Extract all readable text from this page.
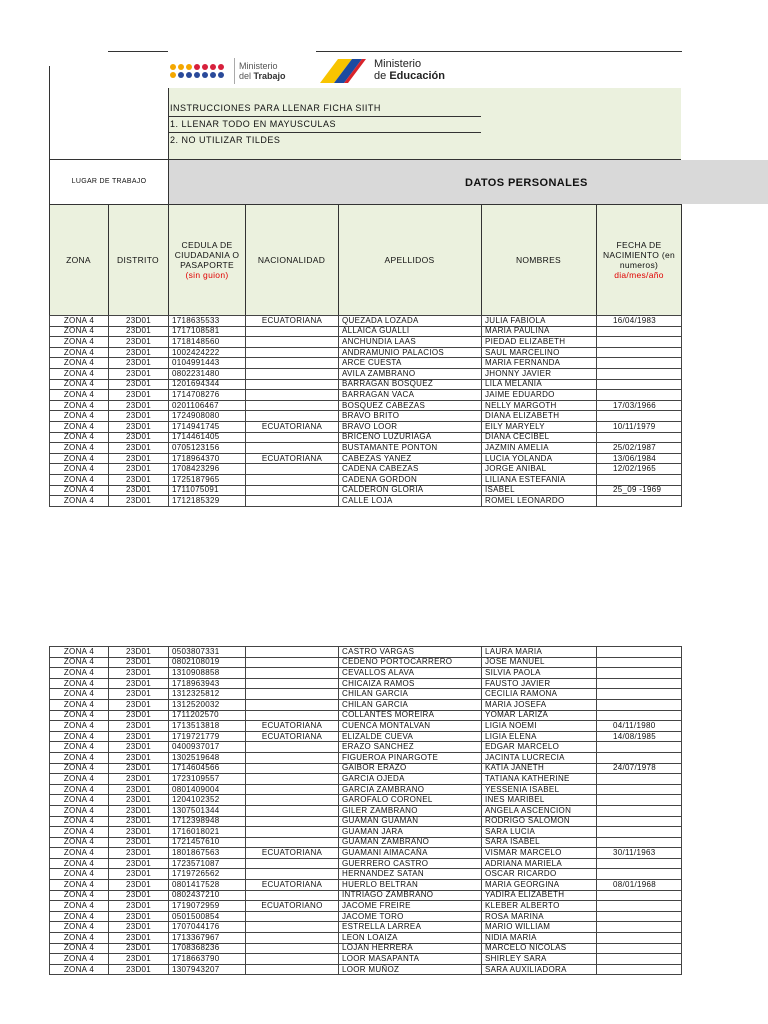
Ministerio
del Trabajo
Ministerio
de Educación
INSTRUCCIONES PARA LLENAR FICHA SIITH
1. LLENAR TODO EN MAYUSCULAS
2. NO UTILIZAR TILDES
LUGAR DE TRABAJO	DATOS PERSONALES
ZONA	DISTRITO
CEDULA DE CIUDADANIA O PASAPORTE
(sin guion)
NACIONALIDAD	APELLIDOS	NOMBRES
FECHA DE NACIMIENTO (en numeros)
dia/mes/año
ZONA 4	23D01	1718635533	ECUATORIANA	QUEZADA LOZADA	JULIA FABIOLA	16/04/1983
ZONA 4	23D01	1717108581		ALLAICA GUALLI	MARIA PAULINA	
ZONA 4	23D01	1718148560		ANCHUNDIA LAAS	PIEDAD ELIZABETH	
ZONA 4	23D01	1002424222		ANDRAMUNIO PALACIOS	SAUL MARCELINO	
ZONA 4	23D01	0104991443		ARCE CUESTA	MARIA FERNANDA	
ZONA 4	23D01	0802231480		AVILA ZAMBRANO	JHONNY JAVIER	
ZONA 4	23D01	1201694344		BARRAGAN BOSQUEZ	LILA MELANIA	
ZONA 4	23D01	1714708276		BARRAGAN VACA	JAIME EDUARDO	
ZONA 4	23D01	0201106467		BOSQUEZ CABEZAS	NELLY MARGOTH	17/03/1966
ZONA 4	23D01	1724908080		BRAVO BRITO	DIANA ELIZABETH	
ZONA 4	23D01	1714941745	ECUATORIANA	BRAVO LOOR	EILY MARYELY	10/11/1979
ZONA 4	23D01	1714461405		BRICEÑO LUZURIAGA	DIANA CECIBEL	
ZONA 4	23D01	0705123156		BUSTAMANTE PONTON	JAZMIN AMELIA	25/02/1987
ZONA 4	23D01	1718964370	ECUATORIANA	CABEZAS YANEZ	LUCIA YOLANDA	13/06/1984
ZONA 4	23D01	1708423296		CADENA CABEZAS	JORGE ANIBAL	12/02/1965
ZONA 4	23D01	1725187965		CADENA GORDON	LILIANA ESTEFANIA	
ZONA 4	23D01	1711075091		CALDERON GLORIA	ISABEL	25_09 -1969
ZONA 4	23D01	1712185329		CALLE LOJA	ROMEL LEONARDO	
ZONA 4	23D01	0503807331		CASTRO VARGAS	LAURA MARIA	
ZONA 4	23D01	0802108019		CEDEÑO PORTOCARRERO	JOSE MANUEL	
ZONA 4	23D01	1310908858		CEVALLOS ALAVA	SILVIA PAOLA	
ZONA 4	23D01	1718963943		CHICAIZA RAMOS	FAUSTO JAVIER	
ZONA 4	23D01	1312325812		CHILAN GARCIA	CECILIA RAMONA	
ZONA 4	23D01	1312520032		CHILAN GARCIA	MARIA JOSEFA	
ZONA 4	23D01	1711202570		COLLANTES MOREIRA	YOMAR LARIZA	
ZONA 4	23D01	1713513818	ECUATORIANA	CUENCA MONTALVAN	LIGIA NOEMI	04/11/1980
ZONA 4	23D01	1719721779	ECUATORIANA	ELIZALDE CUEVA	LIGIA ELENA	14/08/1985
ZONA 4	23D01	0400937017		ERAZO SANCHEZ	EDGAR MARCELO	
ZONA 4	23D01	1302519648		FIGUEROA PINARGOTE	JACINTA LUCRECIA	
ZONA 4	23D01	1714604566		GAIBOR ERAZO	KATIA JANETH	24/07/1978
ZONA 4	23D01	1723109557		GARCIA OJEDA	TATIANA KATHERINE	
ZONA 4	23D01	0801409004		GARCIA ZAMBRANO	YESSENIA ISABEL	
ZONA 4	23D01	1204102352		GAROFALO CORONEL	INES MARIBEL	
ZONA 4	23D01	1307501344		GILER ZAMBRANO	ANGELA ASCENCION	
ZONA 4	23D01	1712398948		GUAMAN GUAMAN	RODRIGO SALOMON	
ZONA 4	23D01	1716018021		GUAMAN JARA	SARA LUCIA	
ZONA 4	23D01	1721457610		GUAMAN ZAMBRANO	SARA ISABEL	
ZONA 4	23D01	1801867563	ECUATORIANA	GUAMANI AIMACAÑA	VISMAR MARCELO	30/11/1963
ZONA 4	23D01	1723571087		GUERRERO CASTRO	ADRIANA MARIELA	
ZONA 4	23D01	1719726562		HERNANDEZ SATAN	OSCAR RICARDO	
ZONA 4	23D01	0801417528	ECUATORIANA	HUERLO BELTRAN	MARIA GEORGINA	08/01/1968
ZONA 4	23D01	0802437210		INTRIAGO ZAMBRANO	YADIRA ELIZABETH	
ZONA 4	23D01	1719072959	ECUATORIANO	JACOME FREIRE	KLEBER ALBERTO	
ZONA 4	23D01	0501500854		JACOME TORO	ROSA MARINA	
ZONA 4	23D01	1707044176		ESTRELLA LARREA	MARIO WILLIAM	
ZONA 4	23D01	1713367967		LEON LOAIZA	NIDIA MARIA	
ZONA 4	23D01	1708368236		LOJAN HERRERA	MARCELO NICOLAS	
ZONA 4	23D01	1718663790		LOOR MASAPANTA	SHIRLEY SARA	
ZONA 4	23D01	1307943207		LOOR MUÑOZ	SARA AUXILIADORA	
